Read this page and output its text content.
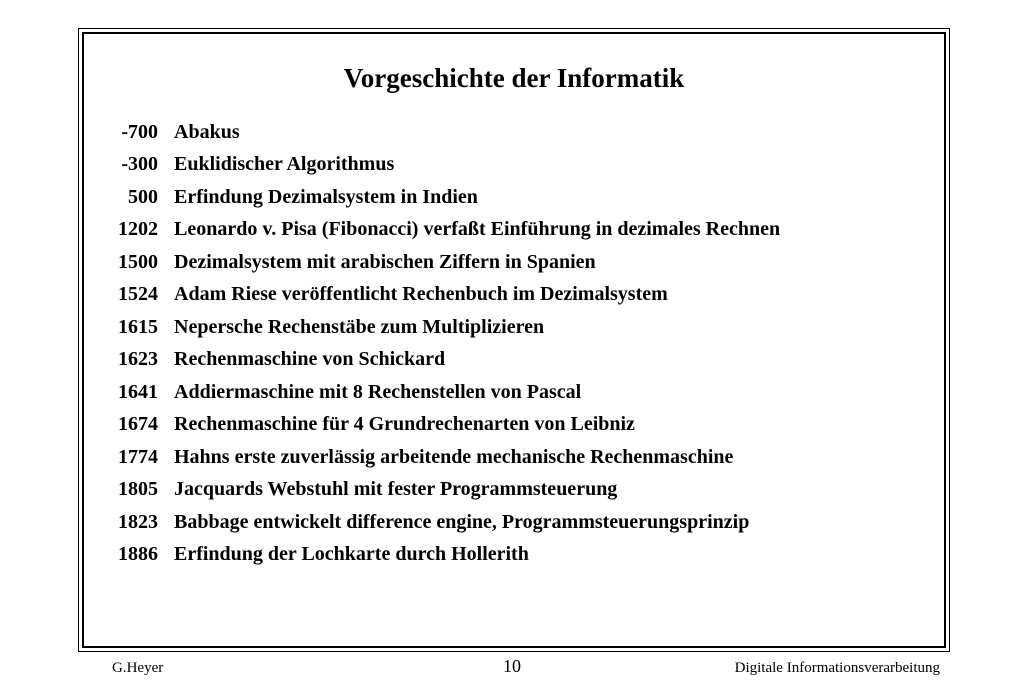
Vorgeschichte der Informatik
-700 Abakus
-300 Euklidischer Algorithmus
500 Erfindung Dezimalsystem in Indien
1202 Leonardo v. Pisa (Fibonacci) verfaßt Einführung in dezimales Rechnen
1500 Dezimalsystem mit arabischen Ziffern in Spanien
1524 Adam Riese veröffentlicht Rechenbuch im Dezimalsystem
1615 Nepersche Rechenstäbe zum Multiplizieren
1623 Rechenmaschine von Schickard
1641 Addiermaschine mit 8 Rechenstellen von Pascal
1674 Rechenmaschine für 4 Grundrechenarten von Leibniz
1774 Hahns erste zuverlässig arbeitende mechanische Rechenmaschine
1805 Jacquards Webstuhl mit fester Programmsteuerung
1823 Babbage entwickelt difference engine, Programmsteuerungsprinzip
1886 Erfindung der Lochkarte durch Hollerith
G.Heyer	10	Digitale Informationsverarbeitung
